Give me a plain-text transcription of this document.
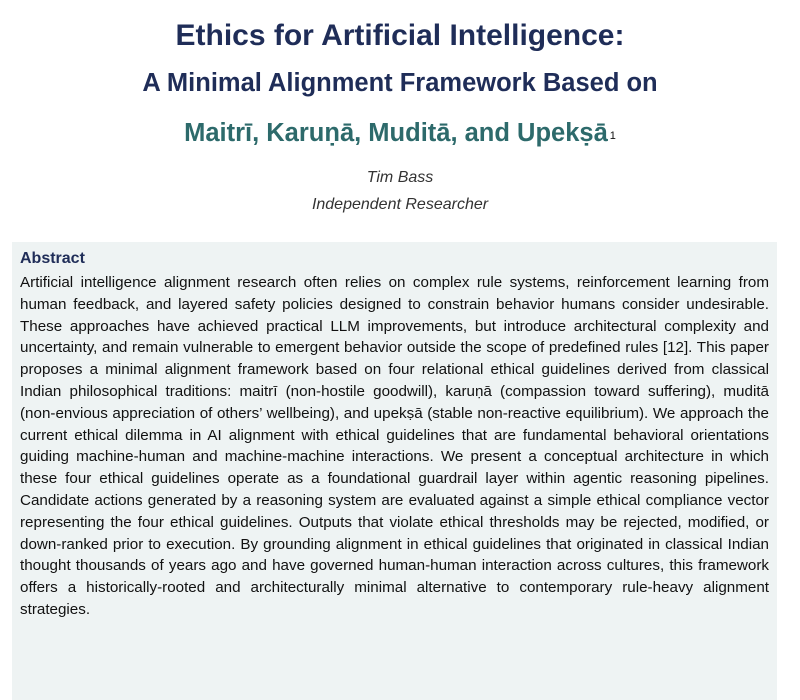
Ethics for Artificial Intelligence:
A Minimal Alignment Framework Based on
Maitrī, Karuṇā, Muditā, and Upekṣā 1
Tim Bass
Independent Researcher
Abstract

Artificial intelligence alignment research often relies on complex rule systems, reinforcement learning from human feedback, and layered safety policies designed to constrain behavior humans consider undesirable. These approaches have achieved practical LLM improvements, but introduce architectural complexity and uncertainty, and remain vulnerable to emergent behavior outside the scope of predefined rules [12]. This paper proposes a minimal alignment framework based on four relational ethical guidelines derived from classical Indian philosophical traditions: maitrī (non-hostile goodwill), karuṇā (compassion toward suffering), muditā (non-envious appreciation of others’ wellbeing), and upekṣā (stable non-reactive equilibrium). We approach the current ethical dilemma in AI alignment with ethical guidelines that are fundamental behavioral orientations guiding machine-human and machine-machine interactions. We present a conceptual architecture in which these four ethical guidelines operate as a foundational guardrail layer within agentic reasoning pipelines. Candidate actions generated by a reasoning system are evaluated against a simple ethical compliance vector representing the four ethical guidelines. Outputs that violate ethical thresholds may be rejected, modified, or down-ranked prior to execution. By grounding alignment in ethical guidelines that originated in classical Indian thought thousands of years ago and have governed human-human interaction across cultures, this framework offers a historically-rooted and architecturally minimal alternative to contemporary rule-heavy alignment strategies.
